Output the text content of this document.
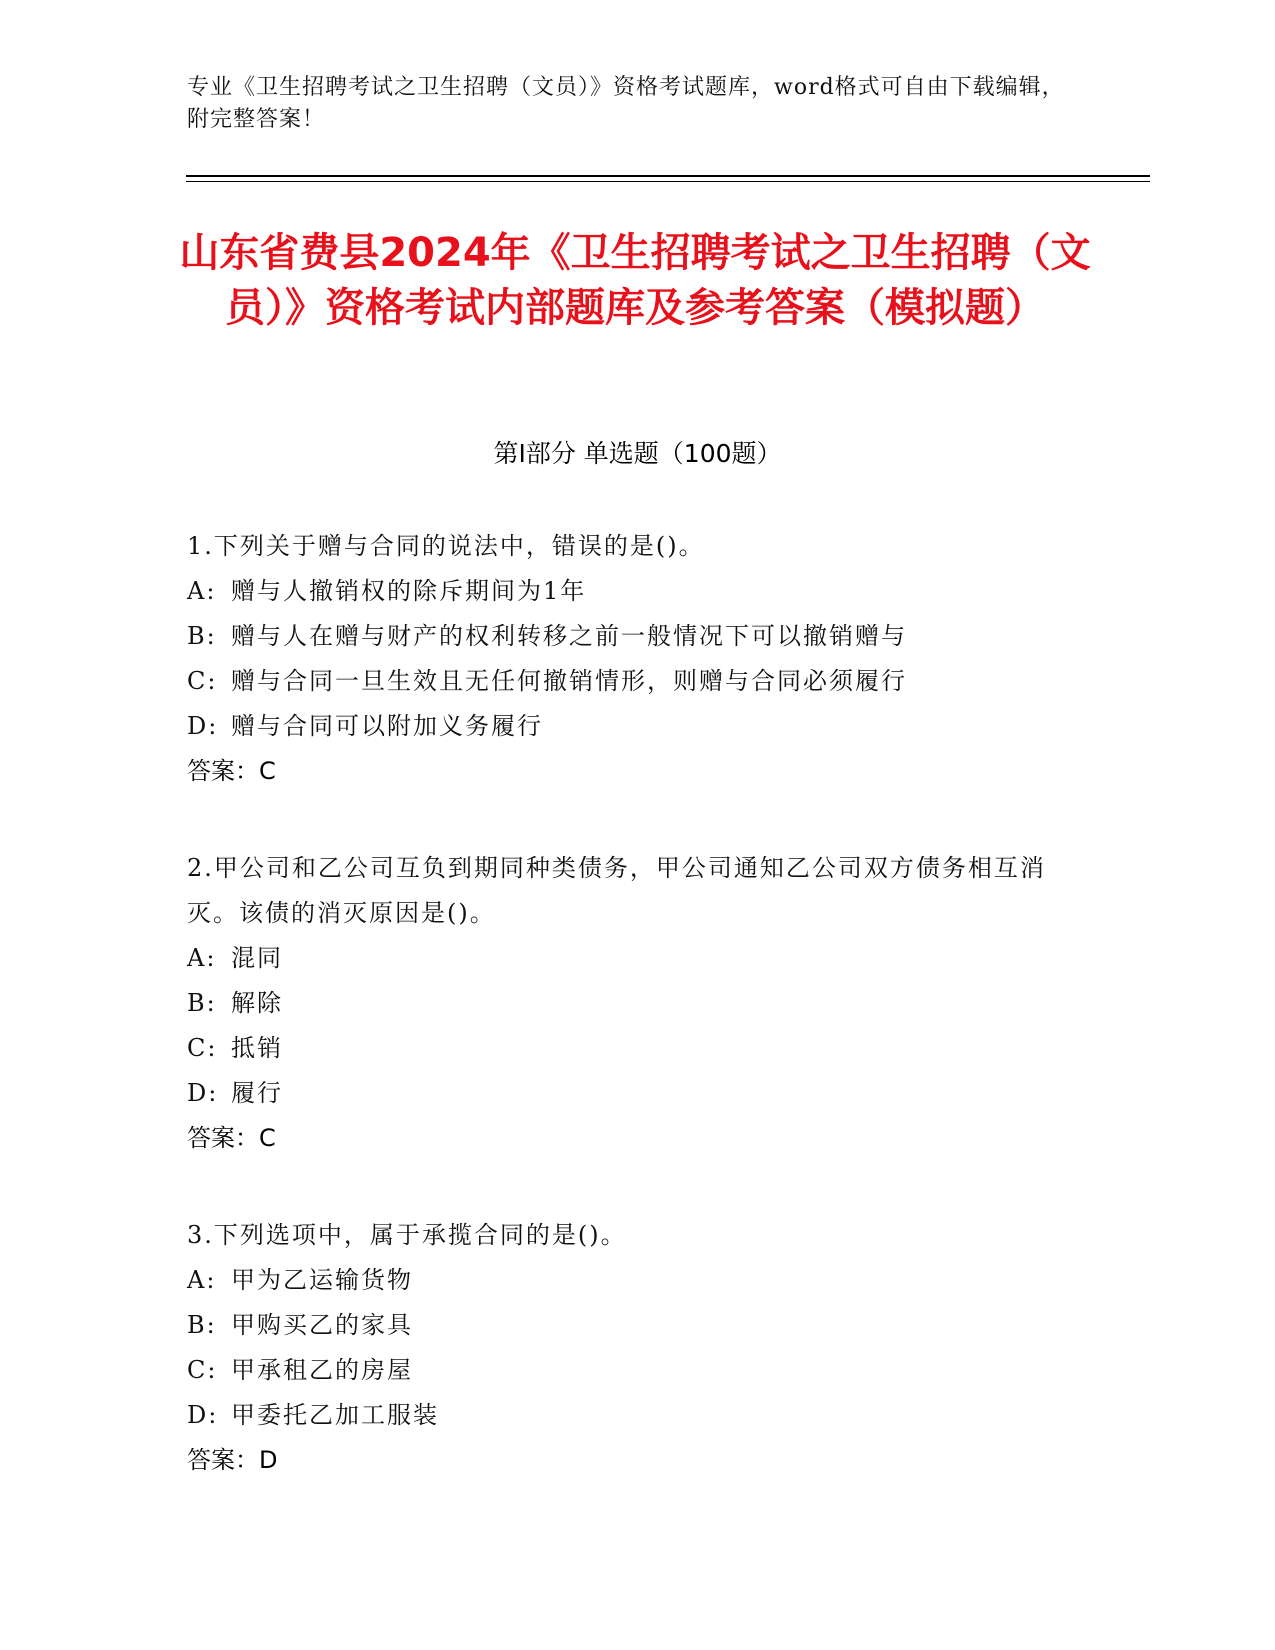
专业《卫生招聘考试之卫生招聘（文员）》资格考试题库，word格式可自由下载编辑，附完整答案！
山东省费县2024年《卫生招聘考试之卫生招聘（文员）》资格考试内部题库及参考答案（模拟题）
第Ⅰ部分 单选题（100题）

1.下列关于赠与合同的说法中，错误的是()。

A: 赠与人撤销权的除斥期间为1年

B: 赠与人在赠与财产的权利转移之前一般情况下可以撤销赠与

C: 赠与合同一旦生效且无任何撤销情形，则赠与合同必须履行

D: 赠与合同可以附加义务履行

答案：C

2.甲公司和乙公司互负到期同种类债务，甲公司通知乙公司双方债务相互消灭。该债的消灭原因是()。

A: 混同

B: 解除

C: 抵销

D: 履行

答案：C

3.下列选项中，属于承揽合同的是()。

A: 甲为乙运输货物

B: 甲购买乙的家具

C: 甲承租乙的房屋

D: 甲委托乙加工服装

答案：D
